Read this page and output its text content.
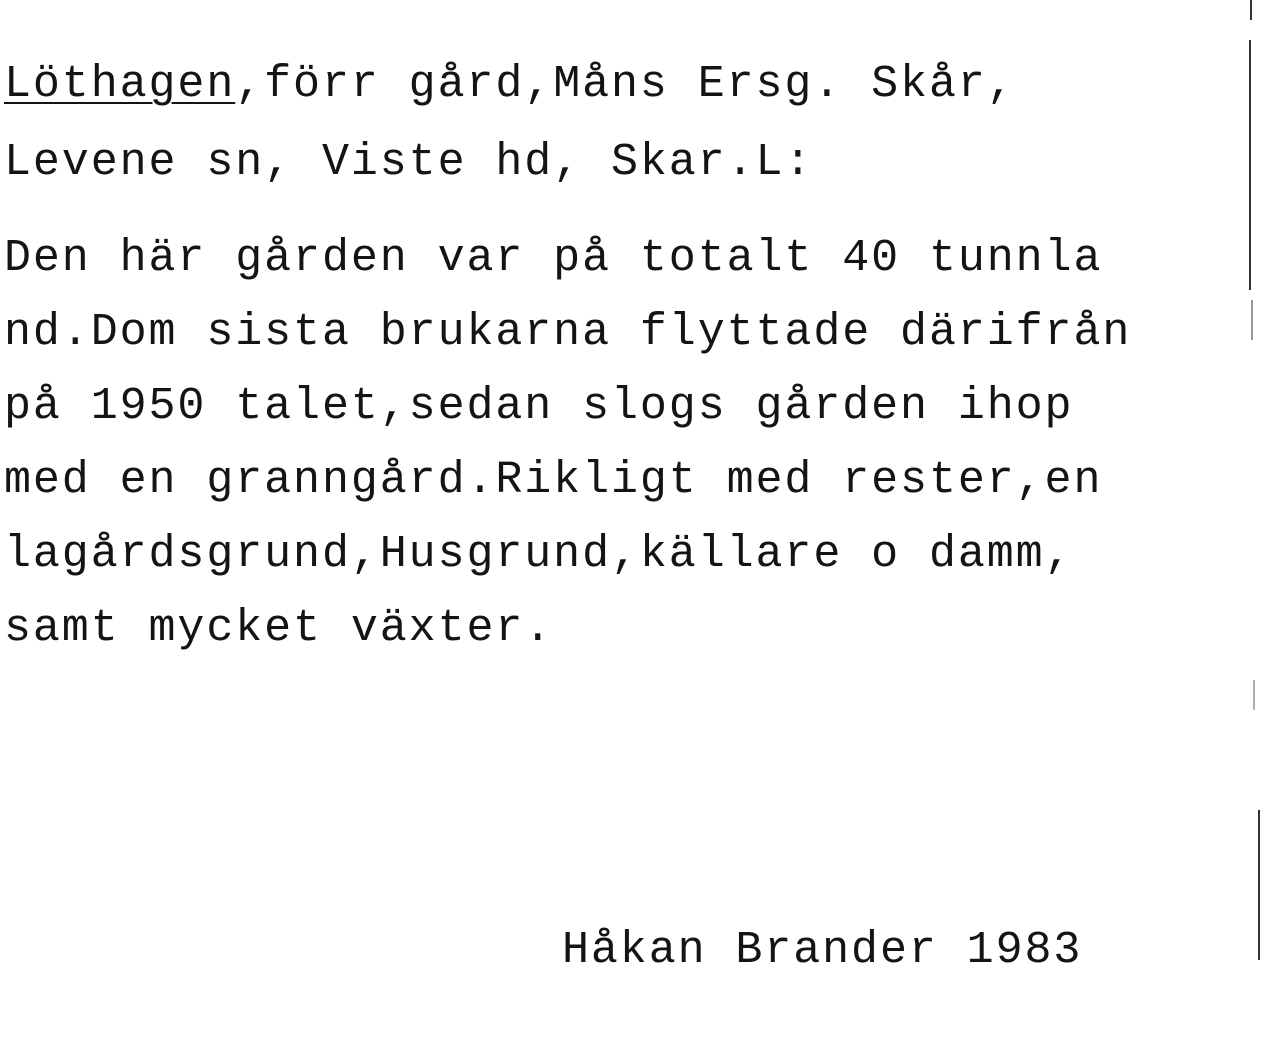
Löthagen,förr gård,Måns Ersg. Skår,
Levene sn, Viste hd, Skar.L:
Den här gården var på totalt 40 tunnla
nd.Dom sista brukarna flyttade därifrån
på 1950 talet,sedan slogs gården ihop
med en granngård.Rikligt med rester,en
lagårdsgrund,Husgrund,källare o damm,
samt mycket växter.
Håkan Brander 1983
